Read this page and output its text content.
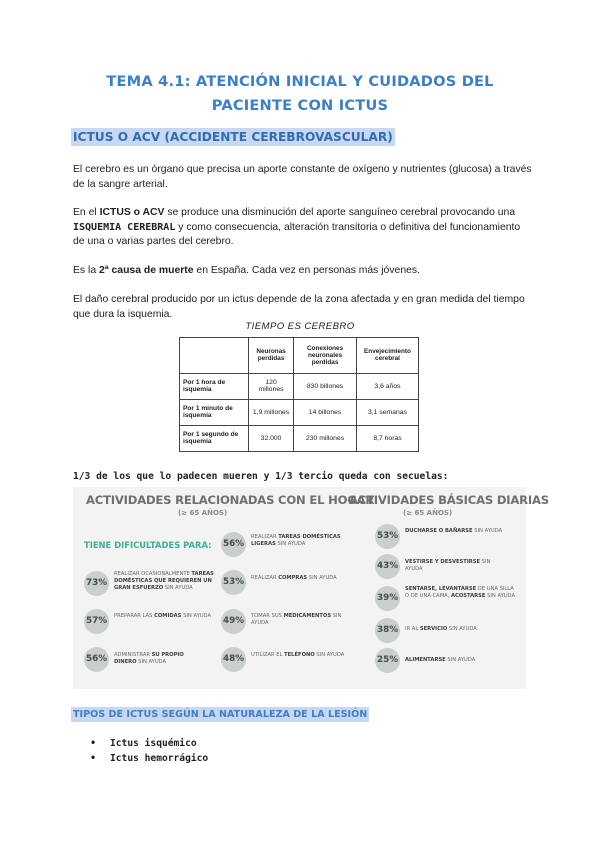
TEMA 4.1: ATENCIÓN INICIAL Y CUIDADOS DEL
PACIENTE CON ICTUS
ICTUS O ACV (ACCIDENTE CEREBROVASCULAR)
El cerebro es un órgano que precisa un aporte constante de oxígeno y nutrientes (glucosa) a través de la sangre arterial.
En el ICTUS o ACV se produce una disminución del aporte sanguíneo cerebral provocando una ISQUEMIA CEREBRAL y como consecuencia, alteración transitoria o definitiva del funcionamiento de una o varias partes del cerebro.
Es la 2ª causa de muerte en España. Cada vez en personas más jóvenes.
El daño cerebral producido por un ictus depende de la zona afectada y en gran medida del tiempo que dura la isquemia.
TIEMPO ES CEREBRO
	Neuronas perdidas	Conexiones neuronales perdidas	Envejecimiento cerebral
Por 1 hora de isquemia	120 millones	830 billones	3,6 años
Por 1 minuto de isquemia	1,9 millones	14 billones	3,1 semanas
Por 1 segundo de isquemia	32.000	230 millones	8,7 horas
1/3 de los que lo padecen mueren y 1/3 tercio queda con secuelas:
ACTIVIDADES RELACIONADAS CON EL HOGAR
(≥ 65 AÑOS)
ACTIVIDADES BÁSICAS DIARIAS
(≥ 65 AÑOS)
TIENE DIFICULTADES PARA:
73%
REALIZAR OCASIONALMENTE TAREAS DOMÉSTICAS QUE REQUIEREN UN GRAN ESFUERZO SIN AYUDA
57%	PREPARAR LAS COMIDAS SIN AYUDA
56%	ADMINISTRAR SU PROPIO DINERO SIN AYUDA
56%
REALIZAR TAREAS DOMÉSTICAS LIGERAS SIN AYUDA
53%	REALIZAR COMPRAS SIN AYUDA
49%	TOMAR SUS MEDICAMENTOS SIN AYUDA
48%	UTILIZAR EL TELÉFONO SIN AYUDA
53%	DUCHARSE O BAÑARSE SIN AYUDA
43%	VESTIRSE Y DESVESTIRSE SIN AYUDA
39%
SENTARSE, LEVANTARSE DE UNA SILLA O DE UNA CAMA, ACOSTARSE SIN AYUDA
38%	IR AL SERVICIO SIN AYUDA
25%	ALIMENTARSE SIN AYUDA
TIPOS DE ICTUS SEGÚN LA NATURALEZA DE LA LESIÓN
• Ictus isquémico
• Ictus hemorrágico
